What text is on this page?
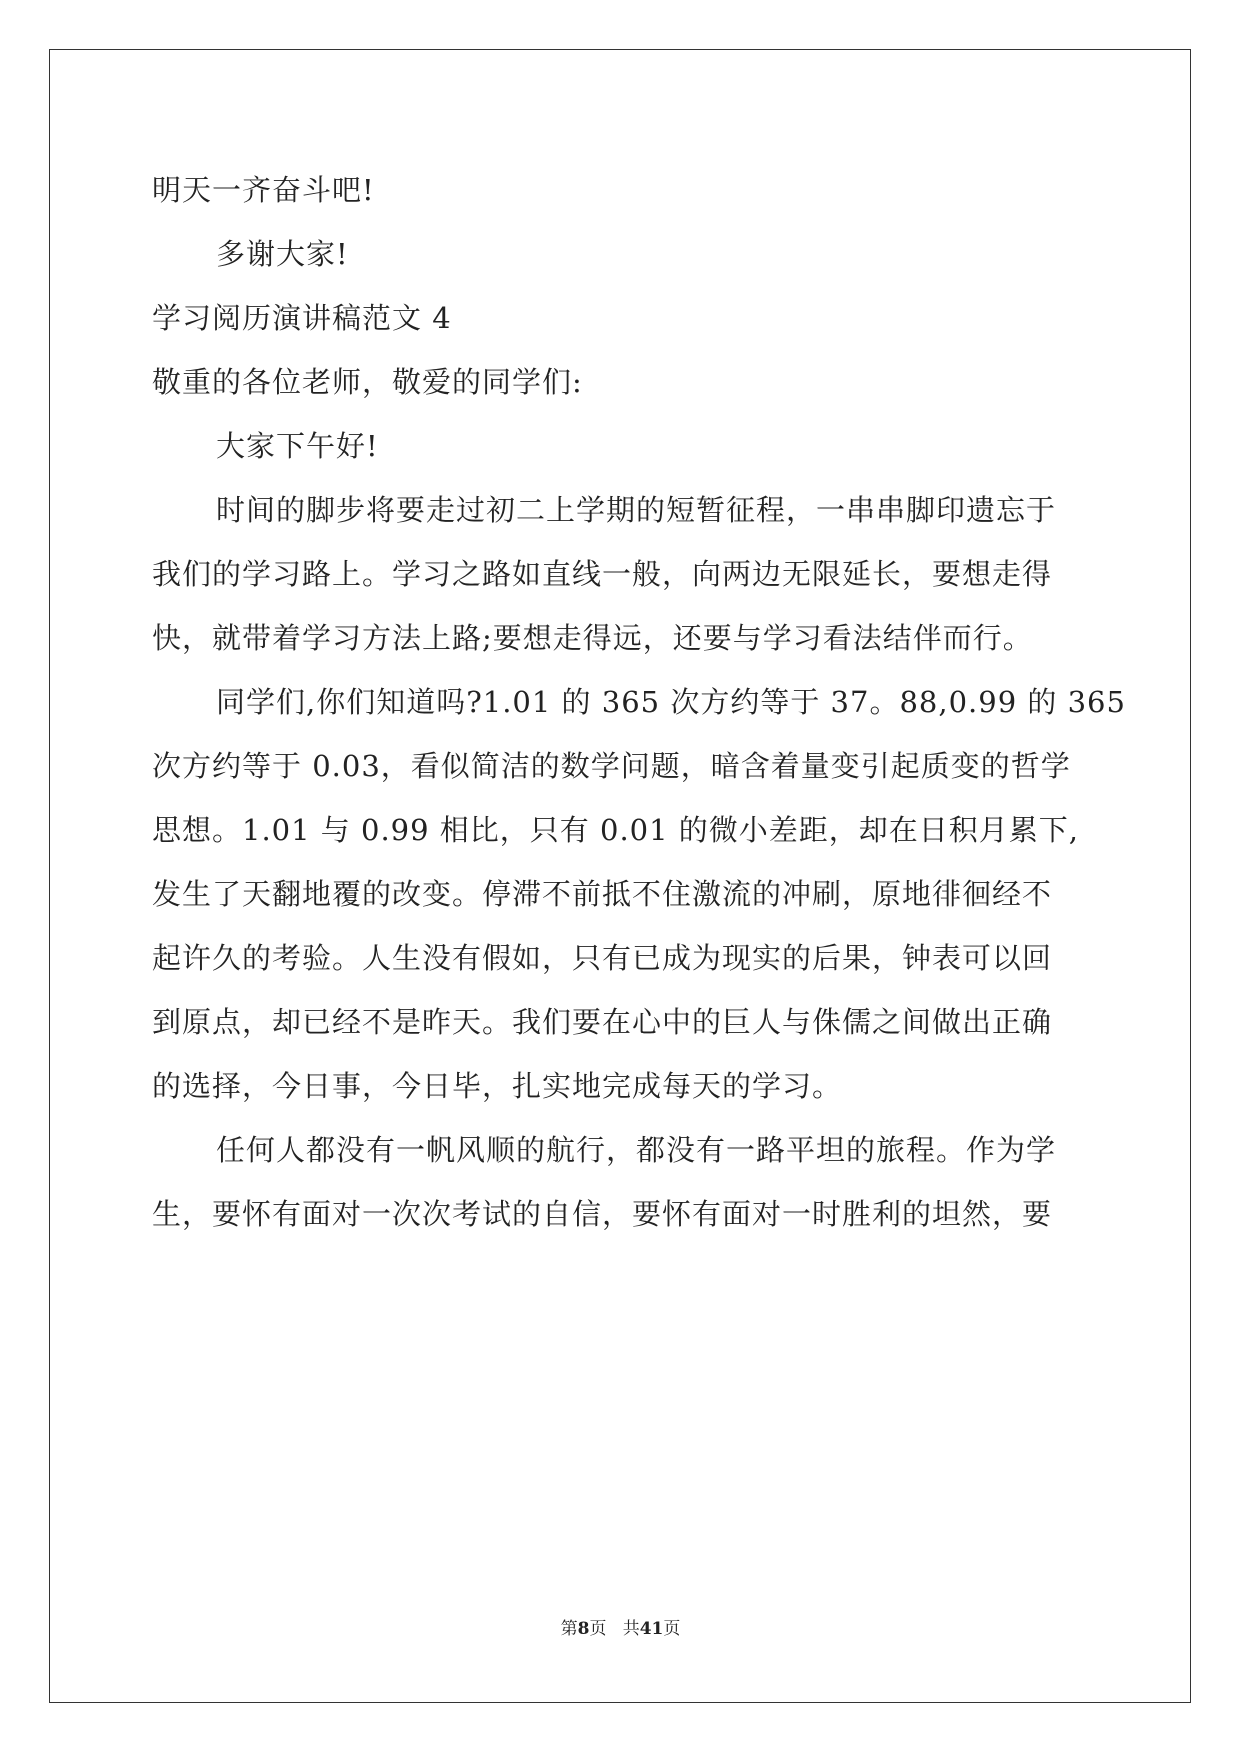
明天一齐奋斗吧!
多谢大家!
学习阅历演讲稿范文 4
敬重的各位老师，敬爱的同学们:
大家下午好!
时间的脚步将要走过初二上学期的短暂征程，一串串脚印遗忘于
我们的学习路上。学习之路如直线一般，向两边无限延长，要想走得
快，就带着学习方法上路;要想走得远，还要与学习看法结伴而行。
同学们,你们知道吗?1.01 的 365 次方约等于 37。88,0.99 的 365
次方约等于 0.03，看似简洁的数学问题，暗含着量变引起质变的哲学
思想。1.01 与 0.99 相比，只有 0.01 的微小差距，却在日积月累下,
发生了天翻地覆的改变。停滞不前抵不住激流的冲刷，原地徘徊经不
起许久的考验。人生没有假如，只有已成为现实的后果，钟表可以回
到原点，却已经不是昨天。我们要在心中的巨人与侏儒之间做出正确
的选择，今日事，今日毕，扎实地完成每天的学习。
任何人都没有一帆风顺的航行，都没有一路平坦的旅程。作为学
生，要怀有面对一次次考试的自信，要怀有面对一时胜利的坦然，要
第8页 共41页
